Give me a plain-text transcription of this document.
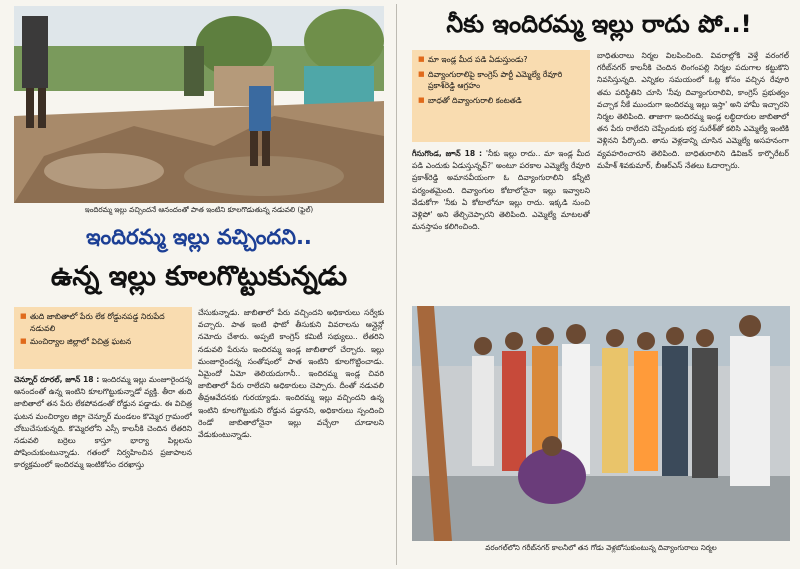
ఇందిరమ్మ ఇల్లు వచ్చిందనే ఆనందంతో పాత ఇంటిని కూలగొడుతున్న నడువలి (ఫైల్)
ఇందిరమ్మ ఇల్లు వచ్చిందని..
ఉన్న ఇల్లు కూలగొట్టుకున్నడు
■ తుది జాబితాలో పేరు లేక రోడ్డునపడ్డ నిరుపేద నడువలి
■ మంచిర్యాల జిల్లాలో విచిత్ర ఘటన

చెన్నూర్ రూరల్, జూన్ 18 : ఇందిరమ్మ ఇల్లు మంజూరైందన్న ఆనందంతో ఉన్న ఇంటిని కూలగొట్టుకున్నాడో వ్యక్తి. తీరా తుది జాబితాలో తన పేరు లేకపోవడంతో రోడ్డున పడ్డాడు. ఈ విచిత్ర ఘటన మంచిర్యాల జిల్లా చెన్నూర్ మండలం కొమ్మెర గ్రామంలో చోటుచేసుకున్నది. కొమ్మెరలోని ఎస్సీ కాలనీకి చెందిన లేతరిని నడువలి బర్రెలు కాస్తూ భార్యా పిల్లలను పోషించుకుంటున్నాడు. గతంలో నిర్వహించిన ప్రజాపాలన కార్యక్రమంలో ఇందిరమ్మ ఇంటికోసం దరఖాస్తు

చేసుకున్నాడు. జాబితాలో పేరు వచ్చిందని అధికారులు సర్వేకు వచ్చారు. పాత ఇంటి ఫొటో తీసుకుని వివరాలను ఆన్లైన్లో నమోదు చేశారు. అప్పటి కాంగ్రెస్ కమిటీ సభ్యులు.. లేతరిని నడువలి పేరును ఇందిరమ్మ ఇండ్ల జాబితాలో చేర్చారు. ఇల్లు మంజూరైందన్న సంతోషంలో పాత ఇంటిని కూలగొట్టించాడు. ఏమైందో ఏమో తెలియదుగానీ.. ఇందిరమ్మ ఇండ్ల చివరి జాబితాలో పేరు రాలేదని అధికారులు చెప్పారు. దీంతో నడువలి తీవ్రఆవేదనకు గురయ్యాడు. ఇందిరమ్మ ఇల్లు వచ్చిందని ఉన్న ఇంటిని కూలగొట్టుకుని రోడ్డున పడ్డానని, అధికారులు స్పందించి రెండో జాబితాలోనైనా ఇల్లు వచ్చేలా చూడాలని వేడుకుంటున్నాడు.

నీకు ఇందిరమ్మ ఇల్లు రాదు పో..!
■ మా ఇండ్ల మీద పడి ఏడుస్తుండు?
■ దివ్యాంగురాలిపై కాంగ్రెస్ పార్టీ ఎమ్మెల్యే రేవూరి ప్రకాశ్‌రెడ్డి ఆగ్రహం
■ బాధతో దివ్యాంగురాలి కంటతడి

గీసుగొండ, జూన్ 18 : 'నీకు ఇల్లు రాదు.. మా ఇండ్ల మీద పడి ఎందుకు ఏడుస్తున్నవ్?' అంటూ పరకాల ఎమ్మెల్యే రేవూరి ప్రకాశ్‌రెడ్డి అమానవీయంగా ఓ దివ్యాంగురాలిని కన్నీటి పర్యంతమైంది. దివ్యాంగుల కోటాలోనైనా ఇల్లు ఇవ్వాలని వేడుకోగా 'నీకు ఏ కోటాలోనూ ఇల్లు రాదు. ఇక్కడి నుంచి వెళ్లిపో' అని తేల్చిచెప్పారని తెలిపింది. ఎమ్మెల్యే మాటలతో మనస్తాపం కలిగించింది.

బాధితురాలు నిర్మల విలపించింది. వివరాల్లోకి వెళ్తే వరంగల్ గరీబ్‌నగర్ కాలనీకి చెందిన లింగంపల్లి నిర్మల పదుగాల కట్టుకొని నివసిస్తున్నది. ఎన్నికల సమయంలో ఓట్ల కోసం వచ్చిన రేవూరి తమ పరిస్థితిని చూసి 'నీవు దివ్యాంగురాలివి, కాంగ్రెస్ ప్రభుత్వం వచ్చాక నీకే ముందుగా ఇందిరమ్మ ఇల్లు ఇస్తా' అని హామీ ఇచ్చారని నిర్మల తెలిపింది. తాజాగా ఇందిరమ్మ ఇండ్ల లబ్ధిదారుల జాబితాలో తన పేరు రాలేదని చెప్పేందుకు భర్త సురేశ్‌తో కలిసి ఎమ్మెల్యే ఇంటికి వెళ్లినని పేర్కొంది. తాను వెళ్లడాన్ని చూసిన ఎమ్మెల్యే అసహనంగా వ్యవహరించారని తెలిపింది. బాధితురాలిని డివిజన్ కార్పొరేటర్ మహేశ్ శివకుమార్, బీఆర్‌ఎస్ నేతలు ఓదార్చారు.

వరంగల్‌లోని గరీబ్‌నగర్ కాలనీలో తన గోడు వెళ్లబోసుకుంటున్న దివ్యాంగురాలు నిర్మల
